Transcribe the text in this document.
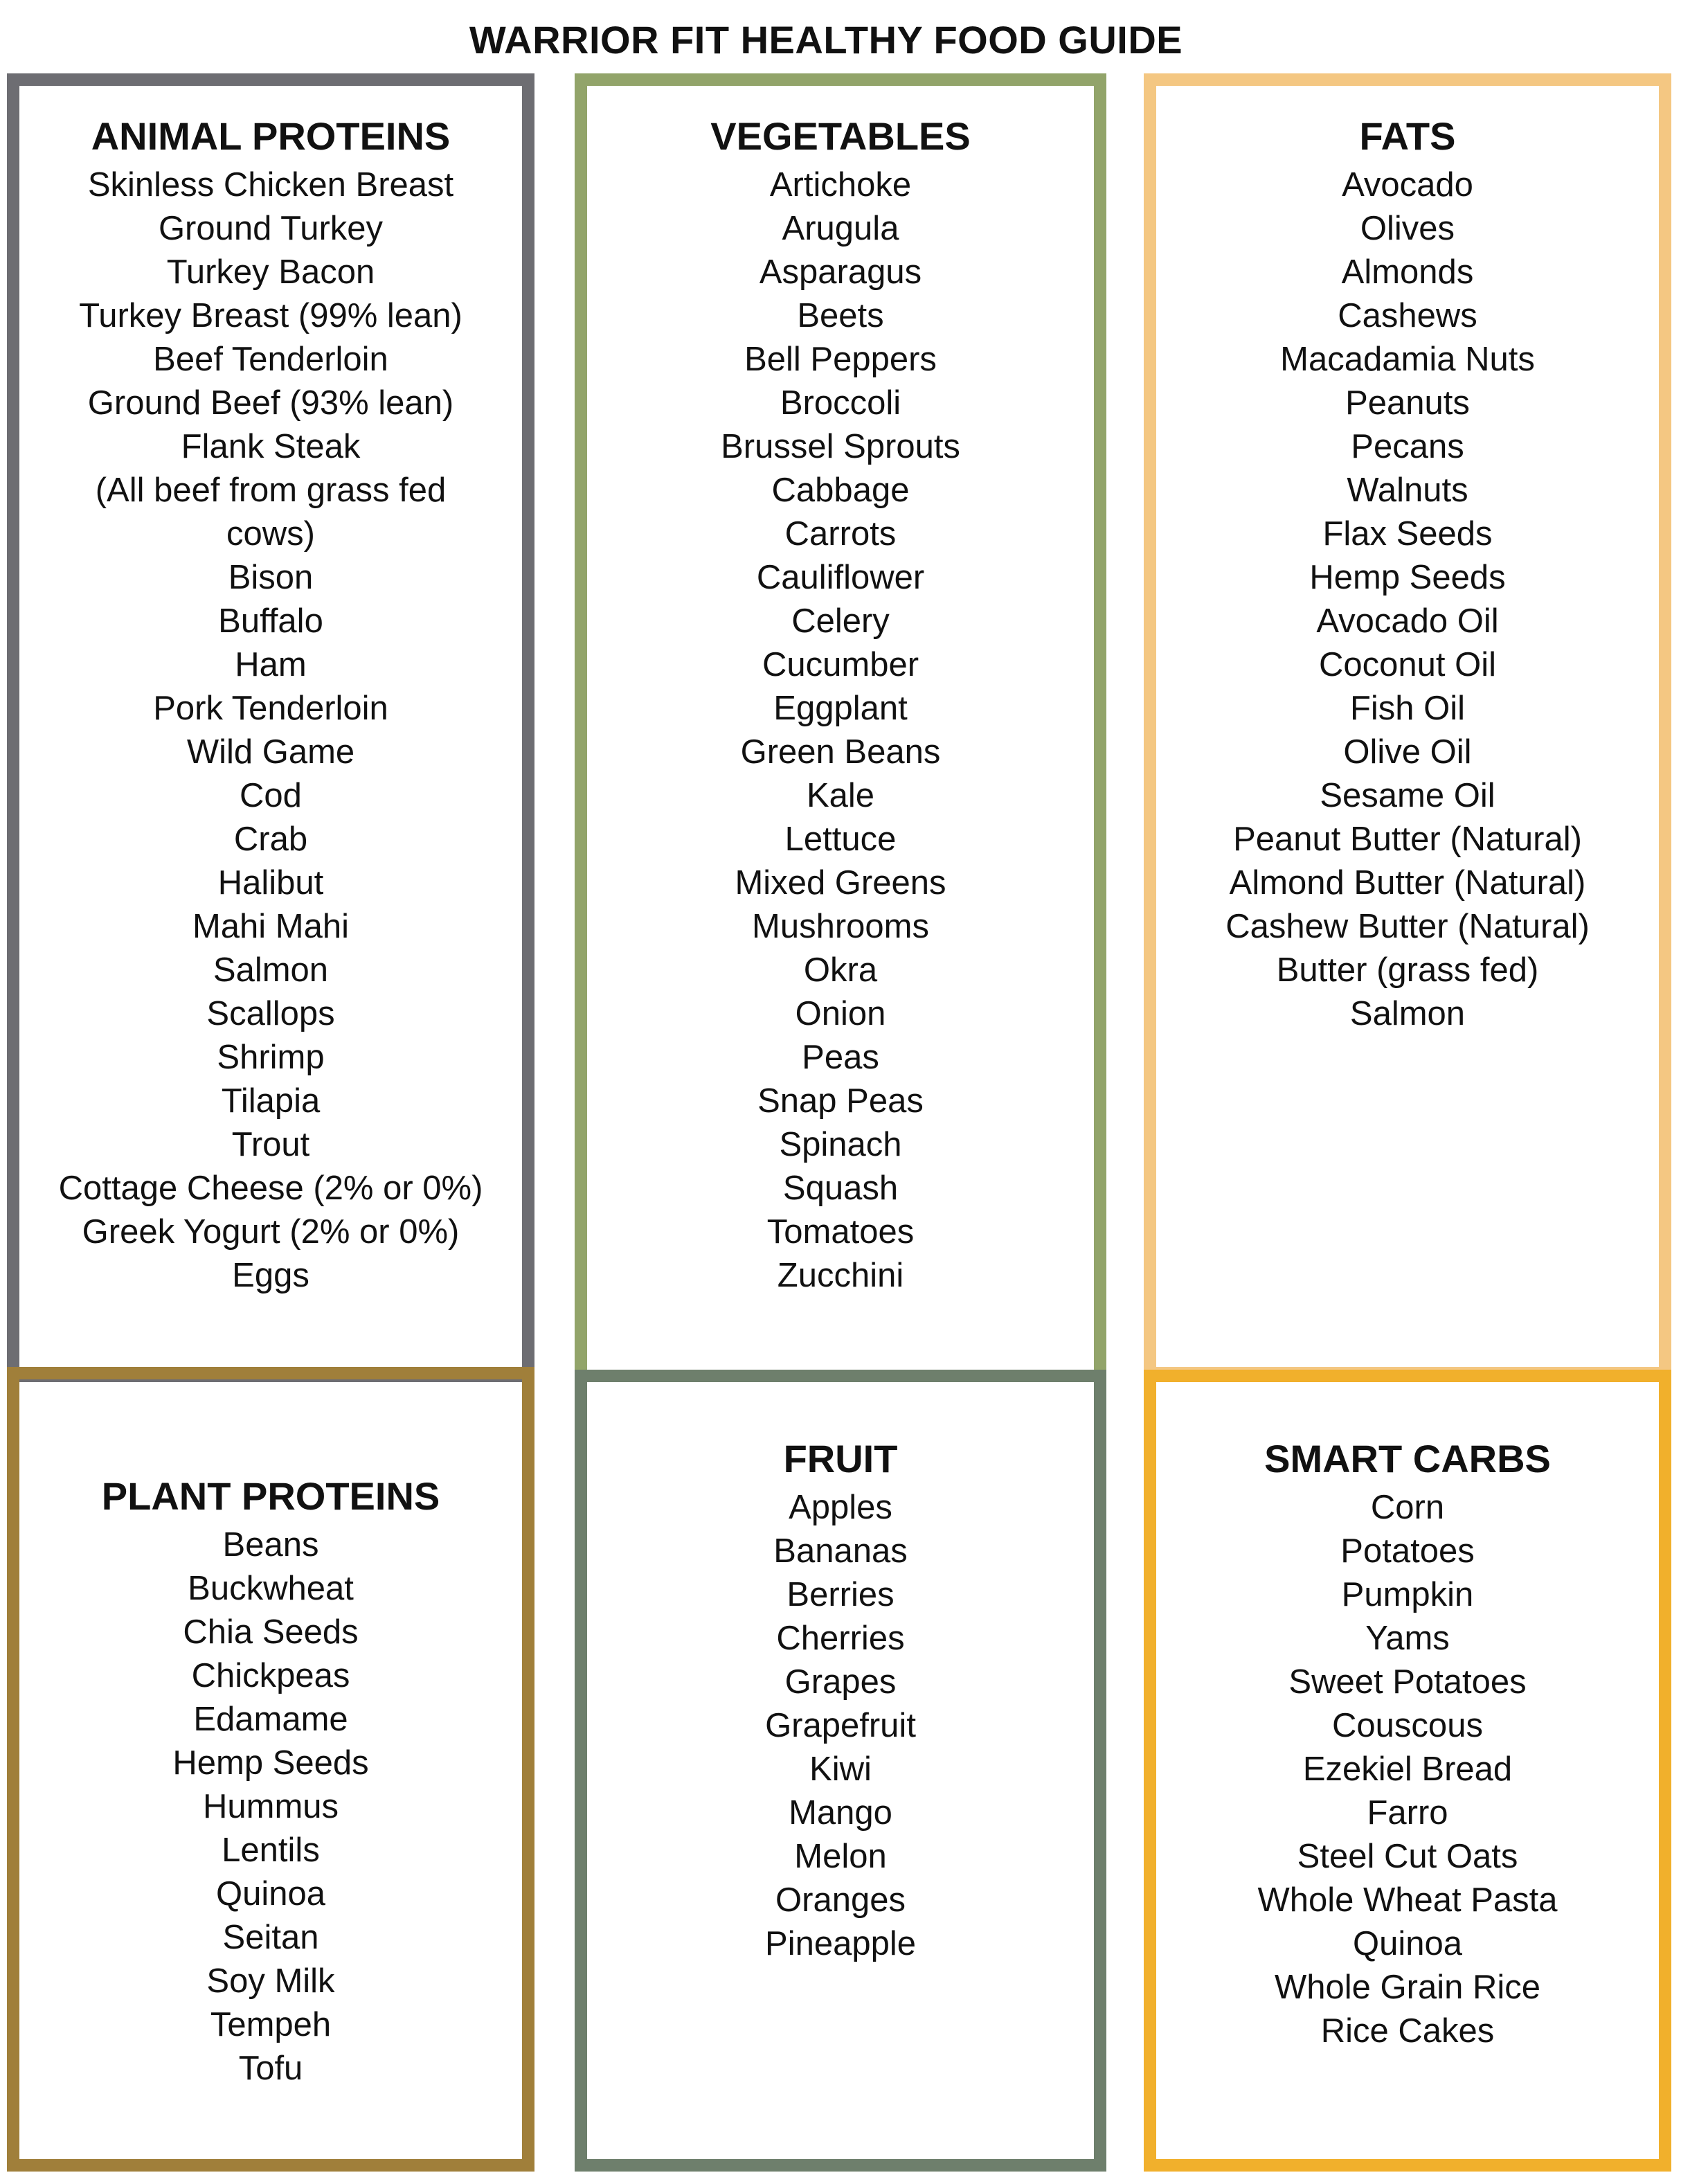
WARRIOR FIT HEALTHY FOOD GUIDE
ANIMAL PROTEINS
Skinless Chicken Breast
Ground Turkey
Turkey Bacon
Turkey Breast (99% lean)
Beef Tenderloin
Ground Beef (93% lean)
Flank Steak
(All beef from grass fed cows)
Bison
Buffalo
Ham
Pork Tenderloin
Wild Game
Cod
Crab
Halibut
Mahi Mahi
Salmon
Scallops
Shrimp
Tilapia
Trout
Cottage Cheese (2% or 0%)
Greek Yogurt (2% or 0%)
Eggs
VEGETABLES
Artichoke
Arugula
Asparagus
Beets
Bell Peppers
Broccoli
Brussel Sprouts
Cabbage
Carrots
Cauliflower
Celery
Cucumber
Eggplant
Green Beans
Kale
Lettuce
Mixed Greens
Mushrooms
Okra
Onion
Peas
Snap Peas
Spinach
Squash
Tomatoes
Zucchini
FATS
Avocado
Olives
Almonds
Cashews
Macadamia Nuts
Peanuts
Pecans
Walnuts
Flax Seeds
Hemp Seeds
Avocado Oil
Coconut Oil
Fish Oil
Olive Oil
Sesame Oil
Peanut Butter (Natural)
Almond Butter (Natural)
Cashew Butter (Natural)
Butter (grass fed)
Salmon
PLANT PROTEINS
Beans
Buckwheat
Chia Seeds
Chickpeas
Edamame
Hemp Seeds
Hummus
Lentils
Quinoa
Seitan
Soy Milk
Tempeh
Tofu
FRUIT
Apples
Bananas
Berries
Cherries
Grapes
Grapefruit
Kiwi
Mango
Melon
Oranges
Pineapple
SMART CARBS
Corn
Potatoes
Pumpkin
Yams
Sweet Potatoes
Couscous
Ezekiel Bread
Farro
Steel Cut Oats
Whole Wheat Pasta
Quinoa
Whole Grain Rice
Rice Cakes
